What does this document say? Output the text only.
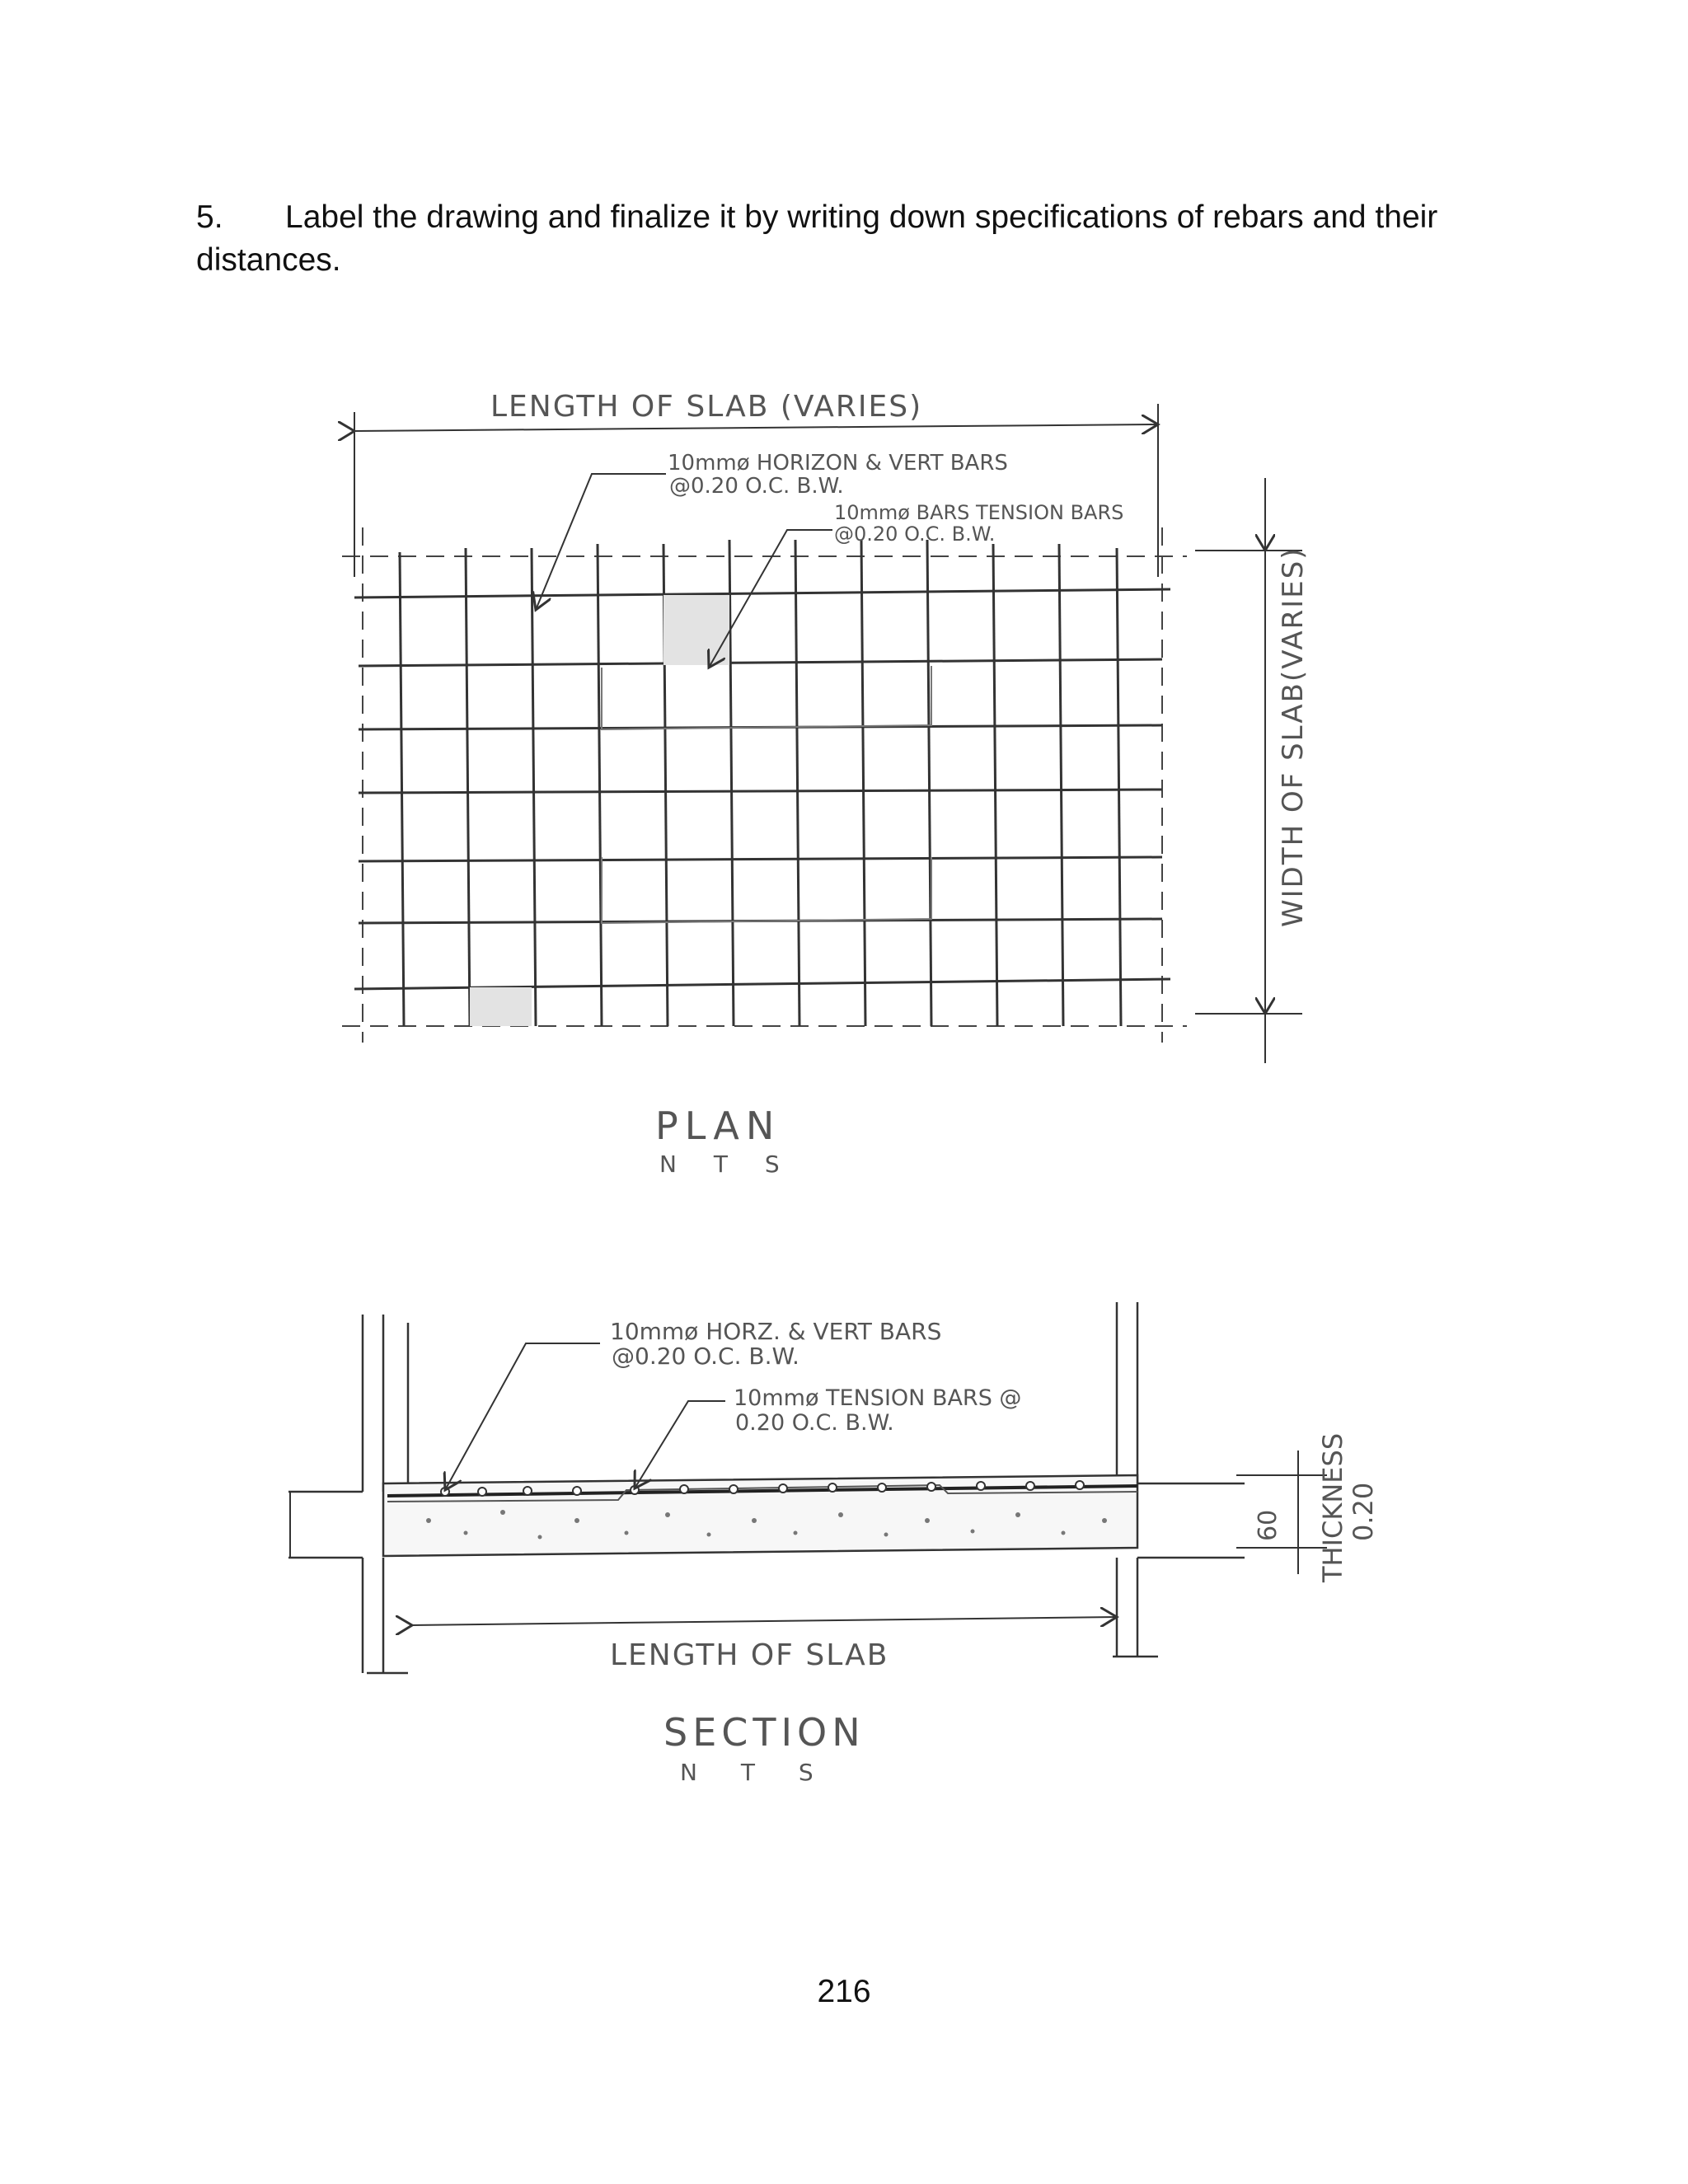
5. Label the drawing and finalize it by writing down specifications of rebars and their distances.
LENGTH OF SLAB (VARIES)
10mmø HORIZON & VERT BARS
@0.20 O.C. B.W.
10mmø BARS TENSION BARS
@0.20 O.C. B.W.
WIDTH OF SLAB(VARIES)
PLAN
N T S
10mmø HORZ. & VERT BARS
@0.20 O.C. B.W.
10mmø TENSION BARS @
0.20 O.C. B.W.
60 THICKNESS 0.20
LENGTH OF SLAB
SECTION
N T S
216
